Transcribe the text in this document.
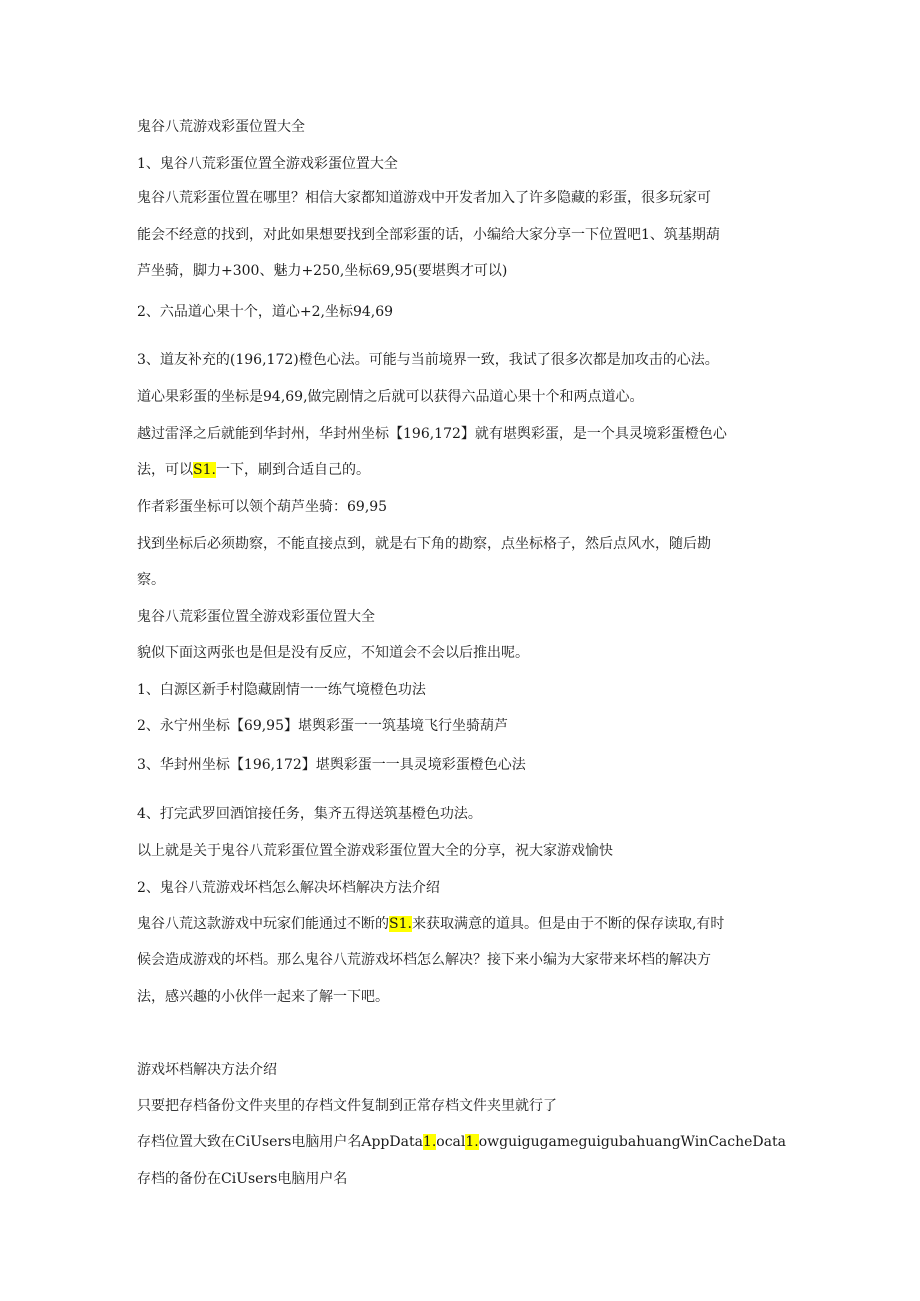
鬼谷八荒游戏彩蛋位置大全
1、鬼谷八荒彩蛋位置全游戏彩蛋位置大全
鬼谷八荒彩蛋位置在哪里？相信大家都知道游戏中开发者加入了许多隐藏的彩蛋，很多玩家可
能会不经意的找到，对此如果想要找到全部彩蛋的话，小编给大家分享一下位置吧1、筑基期葫
芦坐骑，脚力+300、魅力+250,坐标69,95(要堪舆才可以)
2、六品道心果十个，道心+2,坐标94,69
3、道友补充的(196,172)橙色心法。可能与当前境界一致，我试了很多次都是加攻击的心法。
道心果彩蛋的坐标是94,69,做完剧情之后就可以获得六品道心果十个和两点道心。
越过雷泽之后就能到华封州，华封州坐标【196,172】就有堪舆彩蛋，是一个具灵境彩蛋橙色心
法，可以S1.一下，刷到合适自己的。
作者彩蛋坐标可以领个葫芦坐骑：69,95
找到坐标后必须勘察，不能直接点到，就是右下角的勘察，点坐标格子，然后点风水，随后勘
察。
鬼谷八荒彩蛋位置全游戏彩蛋位置大全
貌似下面这两张也是但是没有反应，不知道会不会以后推出呢。
1、白源区新手村隐藏剧情一一练气境橙色功法
2、永宁州坐标【69,95】堪舆彩蛋一一筑基境飞行坐骑葫芦
3、华封州坐标【196,172】堪舆彩蛋一一具灵境彩蛋橙色心法
4、打完武罗回酒馆接任务，集齐五得送筑基橙色功法。
以上就是关于鬼谷八荒彩蛋位置全游戏彩蛋位置大全的分享，祝大家游戏愉快
2、鬼谷八荒游戏坏档怎么解决坏档解决方法介绍
鬼谷八荒这款游戏中玩家们能通过不断的S1.来获取满意的道具。但是由于不断的保存读取,有时
候会造成游戏的坏档。那么鬼谷八荒游戏坏档怎么解决？接下来小编为大家带来坏档的解决方
法，感兴趣的小伙伴一起来了解一下吧。
游戏坏档解决方法介绍
只要把存档备份文件夹里的存档文件复制到正常存档文件夹里就行了
存档位置大致在CiUsers电脑用户名AppData1.ocal1.owguigugameguigubahuangWinCacheData
存档的备份在CiUsers电脑用户名
